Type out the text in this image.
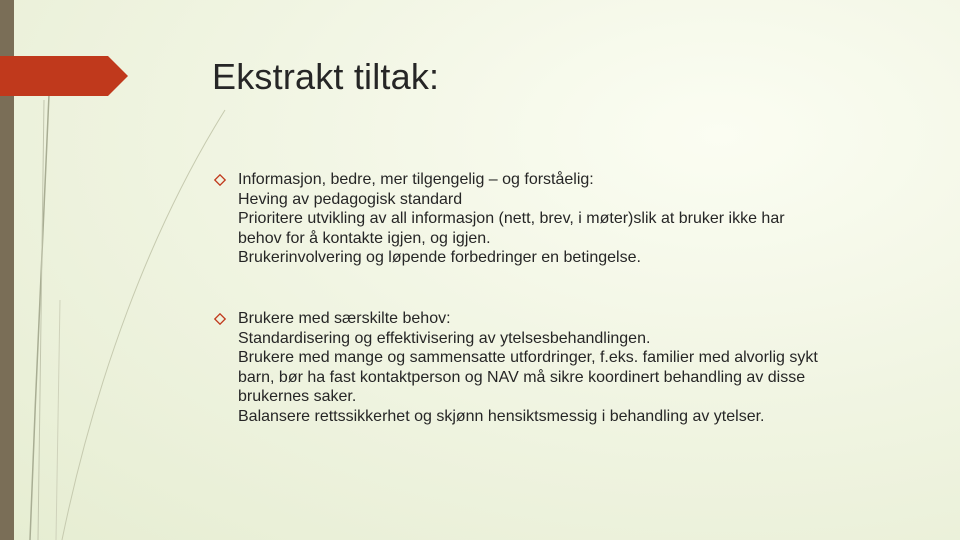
Ekstrakt tiltak:
Informasjon, bedre, mer tilgengelig – og forståelig:
Heving av pedagogisk standard
Prioritere utvikling av all informasjon (nett, brev, i møter)slik at bruker ikke har
behov for å kontakte igjen, og igjen.
Brukerinvolvering og løpende forbedringer en betingelse.
Brukere med særskilte behov:
Standardisering og effektivisering av ytelsesbehandlingen.
Brukere med mange og sammensatte utfordringer, f.eks. familier med alvorlig sykt
barn, bør ha fast kontaktperson og NAV må sikre koordinert behandling av disse
brukernes saker.
Balansere rettssikkerhet og skjønn hensiktsmessig i behandling av ytelser.
